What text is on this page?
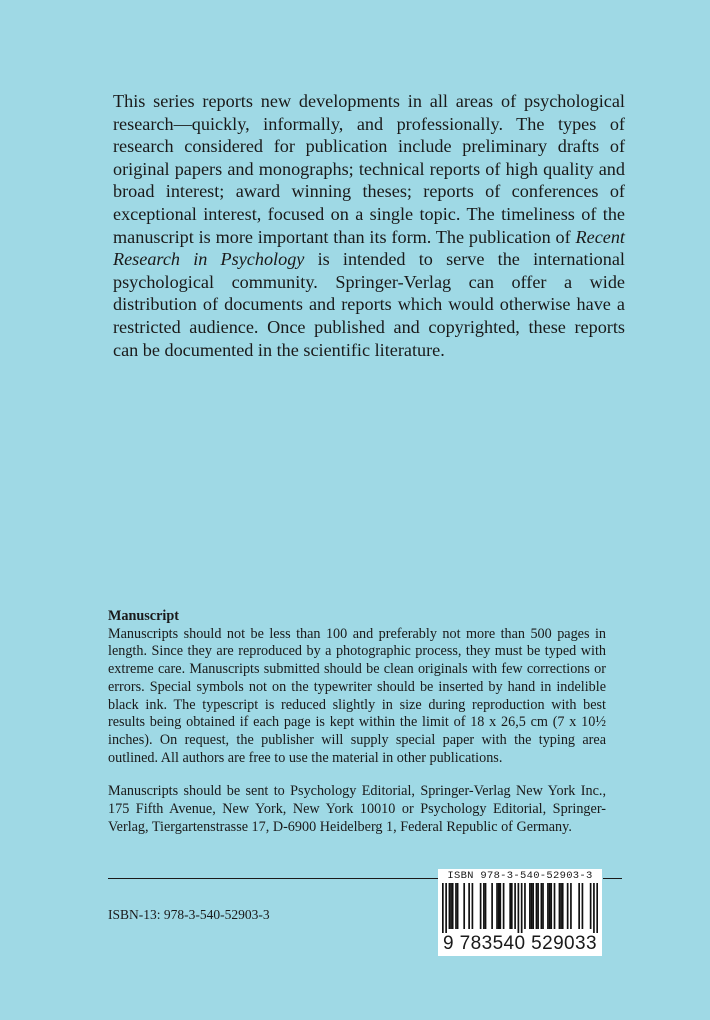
This series reports new developments in all areas of psychological research—quickly, informally, and professionally. The types of research considered for publication include preliminary drafts of original papers and monographs; technical reports of high quality and broad interest; award winning theses; reports of conferences of exceptional interest, focused on a single topic. The timeliness of the manuscript is more important than its form. The publication of Recent Research in Psychology is intended to serve the international psychological community. Springer-Verlag can offer a wide distribution of documents and reports which would otherwise have a restricted audience. Once published and copyrighted, these reports can be documented in the scientific literature.

Manuscript

Manuscripts should not be less than 100 and preferably not more than 500 pages in length. Since they are reproduced by a photographic process, they must be typed with extreme care. Manuscripts submitted should be clean originals with few corrections or errors. Special symbols not on the typewriter should be inserted by hand in indelible black ink. The typescript is reduced slightly in size during reproduction with best results being obtained if each page is kept within the limit of 18 x 26,5 cm (7 x 10½ inches). On request, the publisher will supply special paper with the typing area outlined. All authors are free to use the material in other publications.

Manuscripts should be sent to Psychology Editorial, Springer-Verlag New York Inc., 175 Fifth Avenue, New York, New York 10010 or Psychology Editorial, Springer-Verlag, Tiergartenstrasse 17, D-6900 Heidelberg 1, Federal Republic of Germany.

ISBN-13: 978-3-540-52903-3
ISBN 978-3-540-52903-3
9 783540 529033
